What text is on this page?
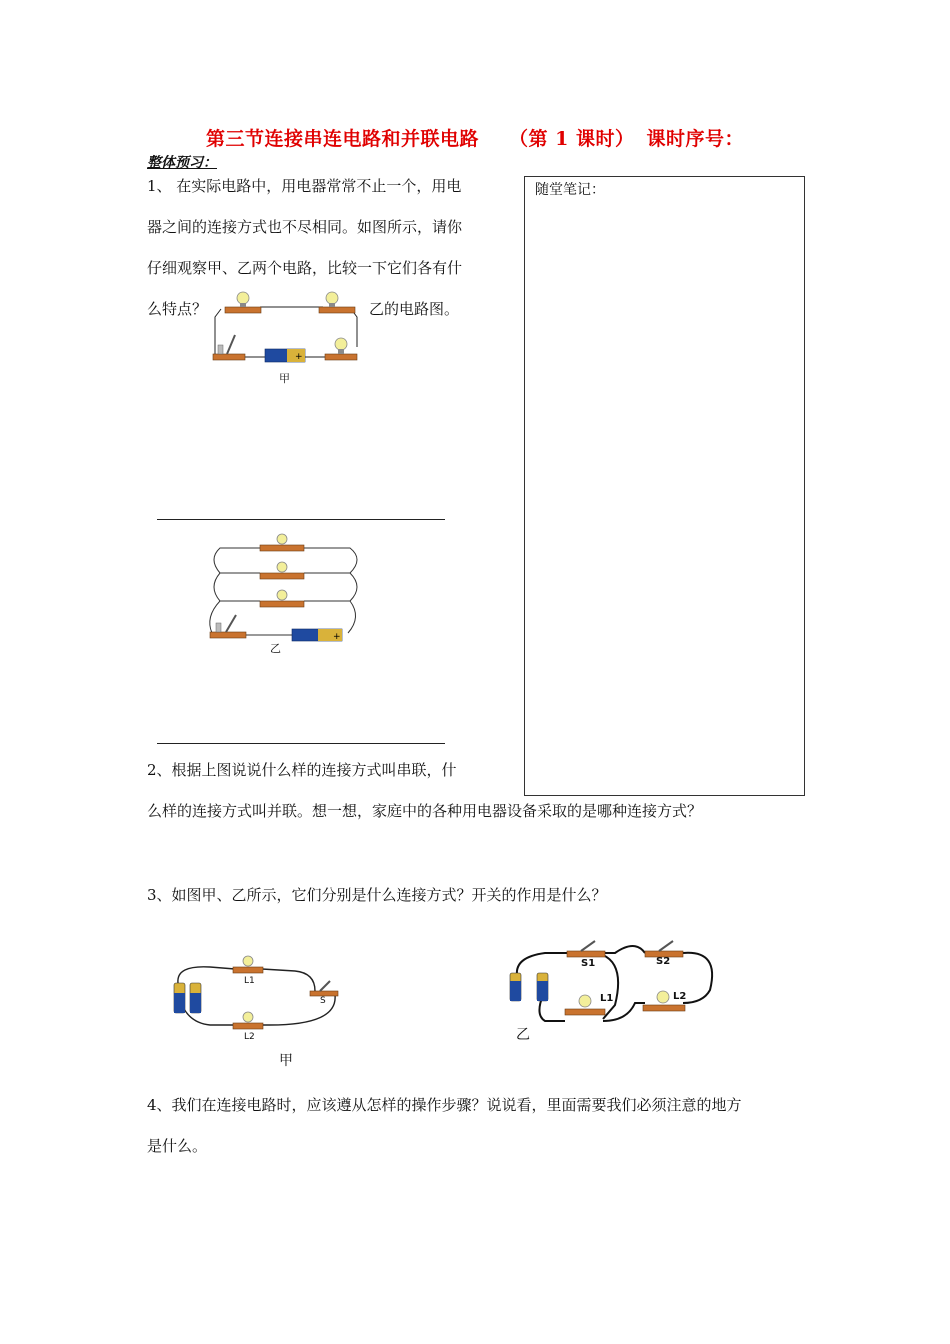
第三节连接串连电路和并联电路 （第 1 课时） 课时序号：
整体预习：
随堂笔记：
1、 在实际电路中，用电器常常不止一个，用电
器之间的连接方式也不尽相同。如图所示，请你
仔细观察甲、乙两个电路，比较一下它们各有什
么特点？	乙的电路图。
+
甲
+
乙
2、根据上图说说什么样的连接方式叫串联，什
么样的连接方式叫并联。想一想，家庭中的各种用电器设备采取的是哪种连接方式？
3、如图甲、乙所示，它们分别是什么连接方式？开关的作用是什么？
L1
L2
S
甲
S1	S2
L1	L2
乙
4、我们在连接电路时，应该遵从怎样的操作步骤？说说看，里面需要我们必须注意的地方
是什么。
